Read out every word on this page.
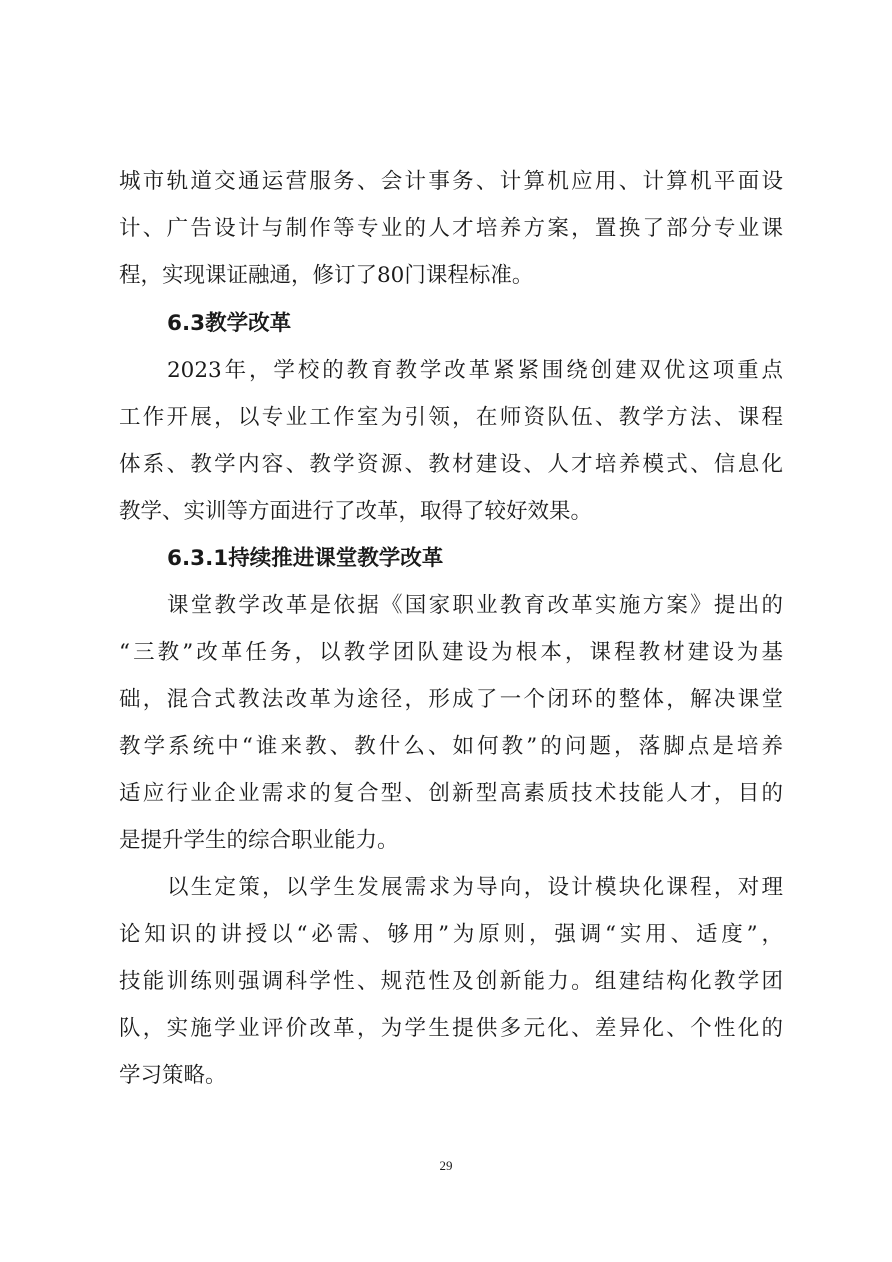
城市轨道交通运营服务、会计事务、计算机应用、计算机平面设

计、广告设计与制作等专业的人才培养方案，置换了部分专业课

程，实现课证融通，修订了80门课程标准。

6.3教学改革

2023年，学校的教育教学改革紧紧围绕创建双优这项重点

工作开展，以专业工作室为引领，在师资队伍、教学方法、课程

体系、教学内容、教学资源、教材建设、人才培养模式、信息化

教学、实训等方面进行了改革，取得了较好效果。

6.3.1持续推进课堂教学改革

课堂教学改革是依据《国家职业教育改革实施方案》提出的

“三教”改革任务，以教学团队建设为根本，课程教材建设为基

础，混合式教法改革为途径，形成了一个闭环的整体，解决课堂

教学系统中“谁来教、教什么、如何教”的问题，落脚点是培养

适应行业企业需求的复合型、创新型高素质技术技能人才，目的

是提升学生的综合职业能力。

以生定策，以学生发展需求为导向，设计模块化课程，对理

论知识的讲授以“必需、够用”为原则，强调“实用、适度”，

技能训练则强调科学性、规范性及创新能力。组建结构化教学团

队，实施学业评价改革，为学生提供多元化、差异化、个性化的

学习策略。

29
